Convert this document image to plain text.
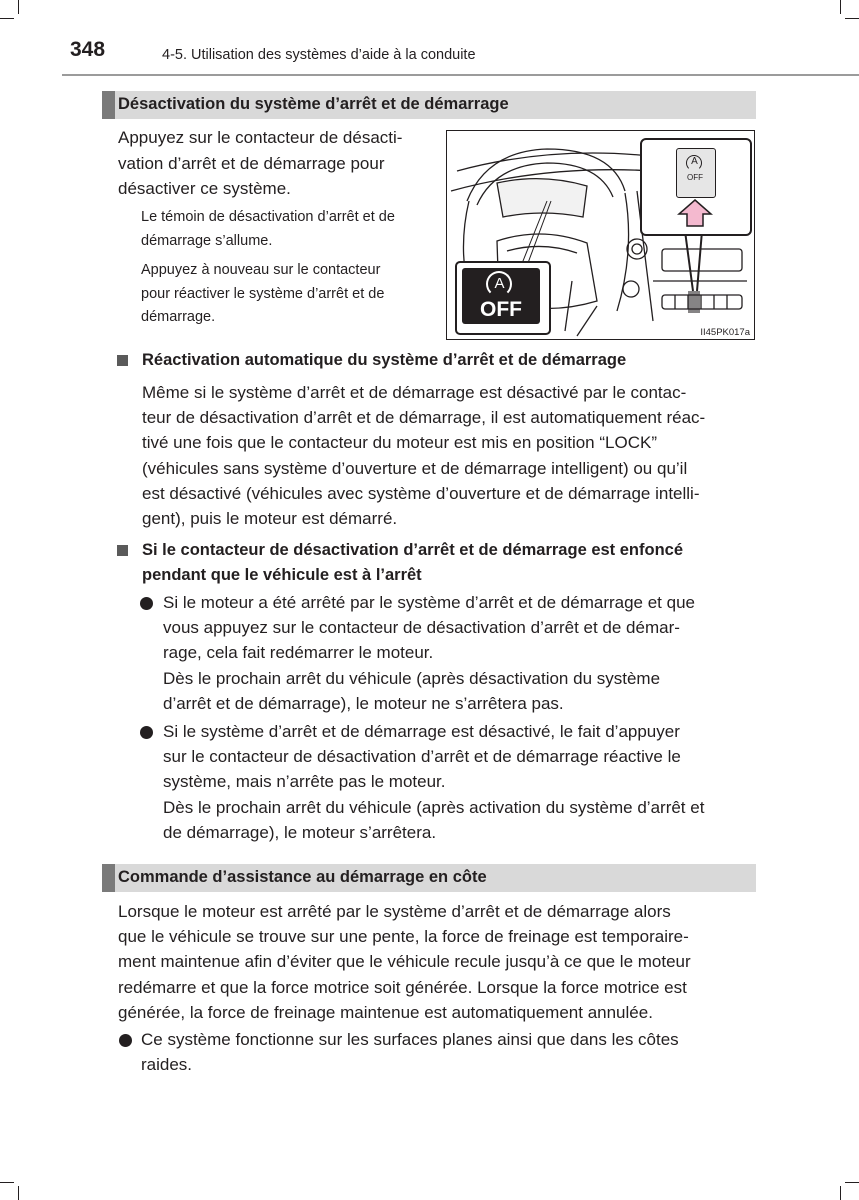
348	4-5. Utilisation des systèmes d’aide à la conduite
Désactivation du système d’arrêt et de démarrage
Appuyez sur le contacteur de désacti-
vation d’arrêt et de démarrage pour
désactiver ce système.
Le témoin de désactivation d’arrêt et de
démarrage s’allume.
Appuyez à nouveau sur le contacteur
pour réactiver le système d’arrêt et de
démarrage.
A
OFF
A
OFF
II45PK017a
Réactivation automatique du système d’arrêt et de démarrage
Même si le système d’arrêt et de démarrage est désactivé par le contac-
teur de désactivation d’arrêt et de démarrage, il est automatiquement réac-
tivé une fois que le contacteur du moteur est mis en position “LOCK”
(véhicules sans système d’ouverture et de démarrage intelligent) ou qu’il
est désactivé (véhicules avec système d’ouverture et de démarrage intelli-
gent), puis le moteur est démarré.
Si le contacteur de désactivation d’arrêt et de démarrage est enfoncé
pendant que le véhicule est à l’arrêt
Si le moteur a été arrêté par le système d’arrêt et de démarrage et que
vous appuyez sur le contacteur de désactivation d’arrêt et de démar-
rage, cela fait redémarrer le moteur.
Dès le prochain arrêt du véhicule (après désactivation du système
d’arrêt et de démarrage), le moteur ne s’arrêtera pas.
Si le système d’arrêt et de démarrage est désactivé, le fait d’appuyer
sur le contacteur de désactivation d’arrêt et de démarrage réactive le
système, mais n’arrête pas le moteur.
Dès le prochain arrêt du véhicule (après activation du système d’arrêt et
de démarrage), le moteur s’arrêtera.
Commande d’assistance au démarrage en côte
Lorsque le moteur est arrêté par le système d’arrêt et de démarrage alors
que le véhicule se trouve sur une pente, la force de freinage est temporaire-
ment maintenue afin d’éviter que le véhicule recule jusqu’à ce que le moteur
redémarre et que la force motrice soit générée. Lorsque la force motrice est
générée, la force de freinage maintenue est automatiquement annulée.
Ce système fonctionne sur les surfaces planes ainsi que dans les côtes
raides.
